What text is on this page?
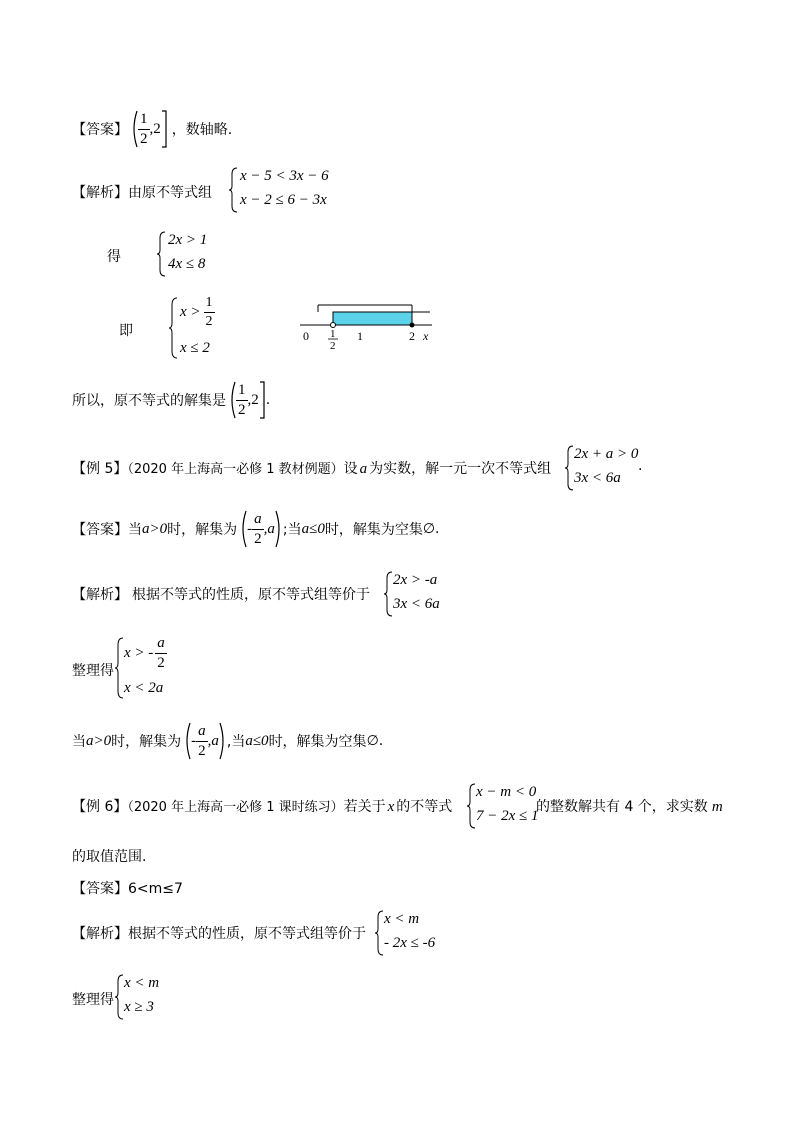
【答案】 $\frac{1}{2} ,2$ ，数轴略.
【解析】由原不等式组
x − 5 < 3x − 6
x − 2 ≤ 6 − 3x
得
2x > 1
4x ≤ 8
即
$x > \frac{1}{2}$
x ≤ 2
0 1
2
1	2 x
所以，原不等式的解集是 $\frac{1}{2} ,2$ .
【例 5】（2020 年上海高一必修 1 教材例题）设 a 为实数，解一元一次不等式组
2x + a > 0
3x < 6a
.
【答案】 当 a>0 时，解集为 - $\frac{a}{2} ,a$ ;当 a≤0 时，解集为空集 ∅.
【解析】 根据不等式的性质，原不等式组等价于
2x > -a
3x < 6a
整理得
x > - $\frac{a}{2}$
x < 2a
当 a>0 时，解集为 - $\frac{a}{2} ,a$ ,当 a≤0 时，解集为空集 ∅.
【例 6】（2020 年上海高一必修 1 课时练习）若关于 x 的不等式
x − m < 0
7 − 2x ≤ 1
的整数解共有 4 个，求实数 m
的取值范围.
【答案】6<m≤7
【解析】根据不等式的性质，原不等式组等价于
x < m
- 2x ≤ -6
整理得
x < m
x ≥ 3
